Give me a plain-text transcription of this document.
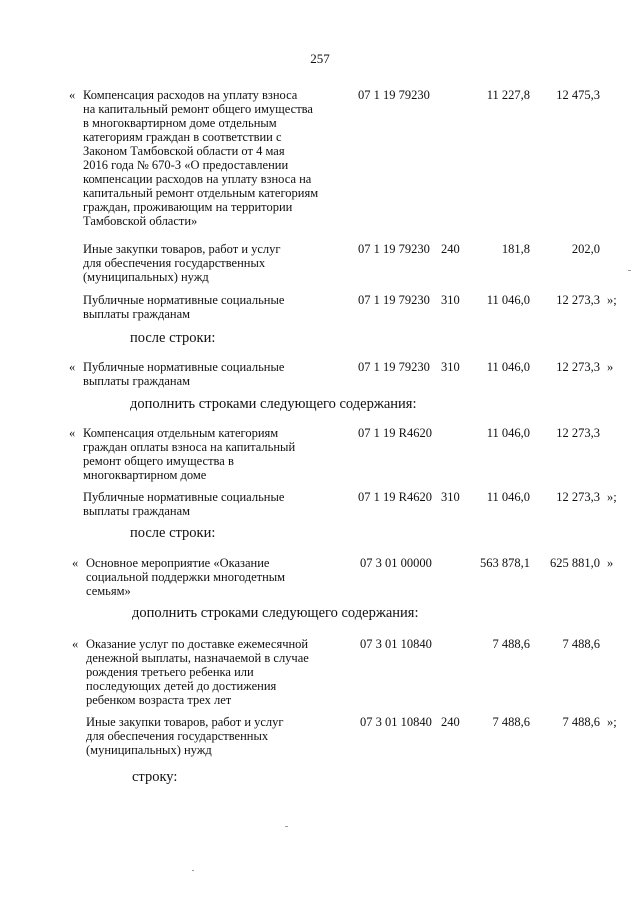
257
« Компенсация расходов на уплату взноса
на капитальный ремонт общего имущества
в многоквартирном доме отдельным
категориям граждан в соответствии с
Законом Тамбовской области от 4 мая
2016 года № 670-З «О предоставлении
компенсации расходов на уплату взноса на
капитальный ремонт отдельным категориям
граждан, проживающим на территории
Тамбовской области»
07 1 19 79230	11 227,8 12 475,3
Иные закупки товаров, работ и услуг
для обеспечения государственных
(муниципальных) нужд
07 1 19 79230 240	181,8	202,0
Публичные нормативные социальные
выплаты гражданам
07 1 19 79230 310 11 046,0 12 273,3 »;
после строки:
« Публичные нормативные социальные
выплаты гражданам
07 1 19 79230 310 11 046,0 12 273,3 »
дополнить строками следующего содержания:
« Компенсация отдельным категориям
граждан оплаты взноса на капитальный
ремонт общего имущества в
многоквартирном доме
07 1 19 R4620	11 046,0 12 273,3
Публичные нормативные социальные
выплаты гражданам
07 1 19 R4620 310 11 046,0 12 273,3 »;
после строки:
« Основное мероприятие «Оказание
социальной поддержки многодетным
семьям»
07 3 01 00000	563 878,1 625 881,0 »
дополнить строками следующего содержания:
« Оказание услуг по доставке ежемесячной
денежной выплаты, назначаемой в случае
рождения третьего ребенка или
последующих детей до достижения
ребенком возраста трех лет
07 3 01 10840	7 488,6	7 488,6
Иные закупки товаров, работ и услуг
для обеспечения государственных
(муниципальных) нужд
07 3 01 10840 240	7 488,6	7 488,6 »;
строку:
